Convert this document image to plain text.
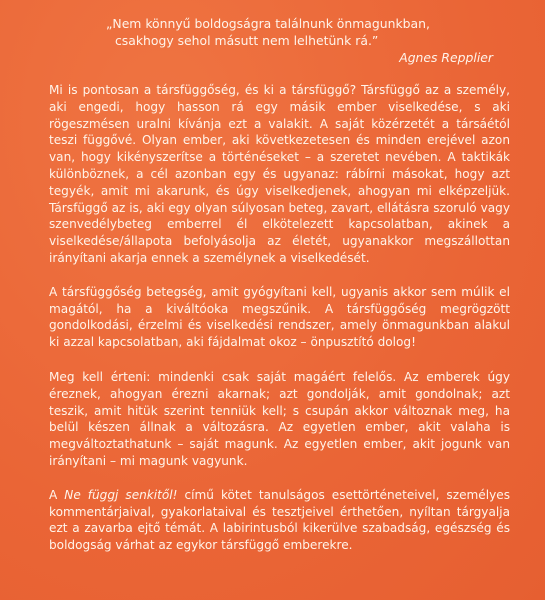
„Nem könnyű boldogságra találnunk önmagunkban,
csakhogy sehol másutt nem lelhetünk rá.”
Agnes Repplier

Mi is pontosan a társfüggőség, és ki a társfüggő? Társfüggő az a személy, aki engedi, hogy hasson rá egy másik ember viselkedése, s aki rögeszmésen uralni kívánja ezt a valakit. A saját közérzetét a társáétól teszi függővé. Olyan ember, aki következetesen és minden erejével azon van, hogy kikényszerítse a történéseket – a szeretet nevében. A taktikák különböznek, a cél azonban egy és ugyanaz: rábírni másokat, hogy azt tegyék, amit mi akarunk, és úgy viselkedjenek, ahogyan mi elképzeljük. Társfüggő az is, aki egy olyan súlyosan beteg, zavart, ellátásra szoruló vagy szenvedélybeteg emberrel él elkötelezett kapcsolatban, akinek a viselkedése/állapota befolyásolja az életét, ugyanakkor megszállottan irányítani akarja ennek a személynek a viselkedését.

A társfüggőség betegség, amit gyógyítani kell, ugyanis akkor sem múlik el magától, ha a kiváltóoka megszűnik. A társfüggőség megrögzött gondolkodási, érzelmi és viselkedési rendszer, amely önmagunkban alakul ki azzal kapcsolatban, aki fájdalmat okoz – önpusztító dolog!

Meg kell érteni: mindenki csak saját magáért felelős. Az emberek úgy éreznek, ahogyan érezni akarnak; azt gondolják, amit gondolnak; azt teszik, amit hitük szerint tenniük kell; s csupán akkor változnak meg, ha belül készen állnak a változásra. Az egyetlen ember, akit valaha is megváltoztathatunk – saját magunk. Az egyetlen ember, akit jogunk van irányítani – mi magunk vagyunk.

A Ne függj senkitől! című kötet tanulságos esettörténeteivel, személyes kommentárjaival, gyakorlataival és tesztjeivel érthetően, nyíltan tárgyalja ezt a zavarba ejtő témát. A labirintusból kikerülve szabadság, egészség és boldogság várhat az egykor társfüggő emberekre.
